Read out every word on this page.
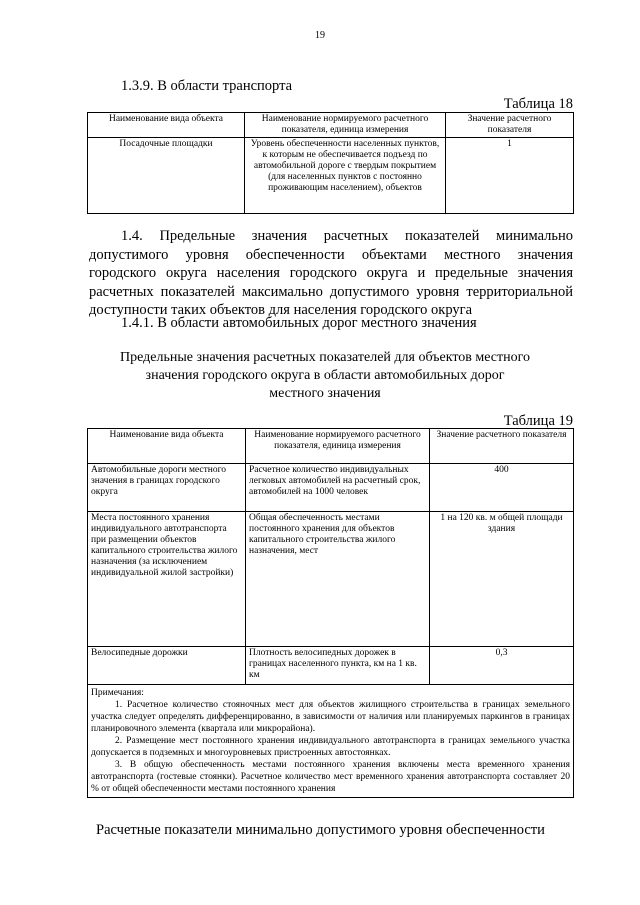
19
1.3.9. В области транспорта
Таблица 18
Наименование вида объекта	Наименование нормируемого расчетного показателя, единица измерения	Значение расчетного показателя
Посадочные площадки	Уровень обеспеченности населенных пунктов, к которым не обеспечивается подъезд по автомобильной дороге с твердым покрытием (для населенных пунктов с постоянно проживающим населением), объектов	1
1.4. Предельные значения расчетных показателей минимально
допустимого уровня обеспеченности объектами местного значения
городского округа населения городского округа и предельные значения
расчетных показателей максимально допустимого уровня территориальной
доступности таких объектов для населения городского округа
1.4.1. В области автомобильных дорог местного значения
Предельные значения расчетных показателей для объектов местного
значения городского округа в области автомобильных дорог
местного значения
Таблица 19
Наименование вида объекта	Наименование нормируемого расчетного показателя, единица измерения	Значение расчетного показателя
Автомобильные дороги местного значения в границах городского округа	Расчетное количество индивидуальных легковых автомобилей на расчетный срок, автомобилей на 1000 человек	400
Места постоянного хранения индивидуального автотранспорта при размещении объектов капитального строительства жилого назначения (за исключением индивидуальной жилой застройки)	Общая обеспеченность местами постоянного хранения для объектов капитального строительства жилого назначения, мест	1 на 120 кв. м общей площади здания
Велосипедные дорожки	Плотность велосипедных дорожек в границах населенного пункта, км на 1 кв. км	0,3

Примечания:

1. Расчетное количество стояночных мест для объектов жилищного строительства в границах земельного участка следует определять дифференцированно, в зависимости от наличия или планируемых паркингов в границах планировочного элемента (квартала или микрорайона).

2. Размещение мест постоянного хранения индивидуального автотранспорта в границах земельного участка допускается в подземных и многоуровневых пристроенных автостоянках.

3. В общую обеспеченность местами постоянного хранения включены места временного хранения автотранспорта (гостевые стоянки). Расчетное количество мест временного хранения автотранспорта составляет 20 % от общей обеспеченности местами постоянного хранения		

Расчетные показатели минимально допустимого уровня обеспеченности
